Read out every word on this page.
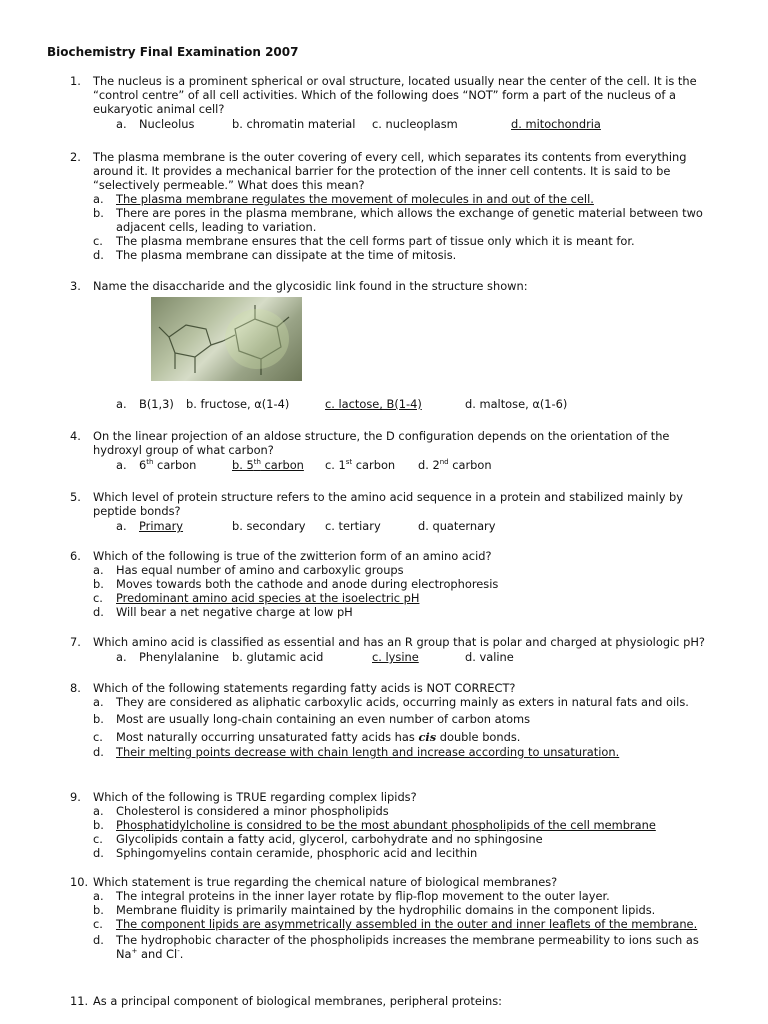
Biochemistry Final Examination 2007
1.	The nucleus is a prominent spherical or oval structure, located usually near the center of the cell. It is the “control centre” of all cell activities. Which of the following does “NOT” form a part of the nucleus of a eukaryotic animal cell?
a. Nucleolus	b. chromatin material c. nucleoplasm	d. mitochondria
2.	The plasma membrane is the outer covering of every cell, which separates its contents from everything around it. It provides a mechanical barrier for the protection of the inner cell contents. It is said to be “selectively permeable.” What does this mean?
a. The plasma membrane regulates the movement of molecules in and out of the cell.
b. There are pores in the plasma membrane, which allows the exchange of genetic material between two adjacent cells, leading to variation.
c. The plasma membrane ensures that the cell forms part of tissue only which it is meant for.
d. The plasma membrane can dissipate at the time of mitosis.
3.	Name the disaccharide and the glycosidic link found in the structure shown:
a. B(1,3) b. fructose, α(1-4)	c. lactose, B(1-4)	d. maltose, α(1-6)
4.	On the linear projection of an aldose structure, the D configuration depends on the orientation of the hydroxyl group of what carbon?
a. 6th carbon	b. 5th carbon c. 1st carbon d. 2nd carbon
5.	Which level of protein structure refers to the amino acid sequence in a protein and stabilized mainly by peptide bonds?
a. Primary	b. secondary c. tertiary	d. quaternary
6.	Which of the following is true of the zwitterion form of an amino acid?
a. Has equal number of amino and carboxylic groups
b. Moves towards both the cathode and anode during electrophoresis
c. Predominant amino acid species at the isoelectric pH
d. Will bear a net negative charge at low pH
7.	Which amino acid is classified as essential and has an R group that is polar and charged at physiologic pH?
a. Phenylalanine b. glutamic acid	c. lysine	d. valine
8.	Which of the following statements regarding fatty acids is NOT CORRECT?
a. They are considered as aliphatic carboxylic acids, occurring mainly as exters in natural fats and oils.
b. Most are usually long-chain containing an even number of carbon atoms
c. Most naturally occurring unsaturated fatty acids has cis double bonds.
d. Their melting points decrease with chain length and increase according to unsaturation.
9.	Which of the following is TRUE regarding complex lipids?
a. Cholesterol is considered a minor phospholipids
b. Phosphatidylcholine is considred to be the most abundant phospholipids of the cell membrane
c. Glycolipids contain a fatty acid, glycerol, carbohydrate and no sphingosine
d. Sphingomyelins contain ceramide, phosphoric acid and lecithin
10. Which statement is true regarding the chemical nature of biological membranes?
a. The integral proteins in the inner layer rotate by flip-flop movement to the outer layer.
b. Membrane fluidity is primarily maintained by the hydrophilic domains in the component lipids.
c. The component lipids are asymmetrically assembled in the outer and inner leaflets of the membrane.
d. The hydrophobic character of the phospholipids increases the membrane permeability to ions such as Na+ and Cl-.
11. As a principal component of biological membranes, peripheral proteins:
